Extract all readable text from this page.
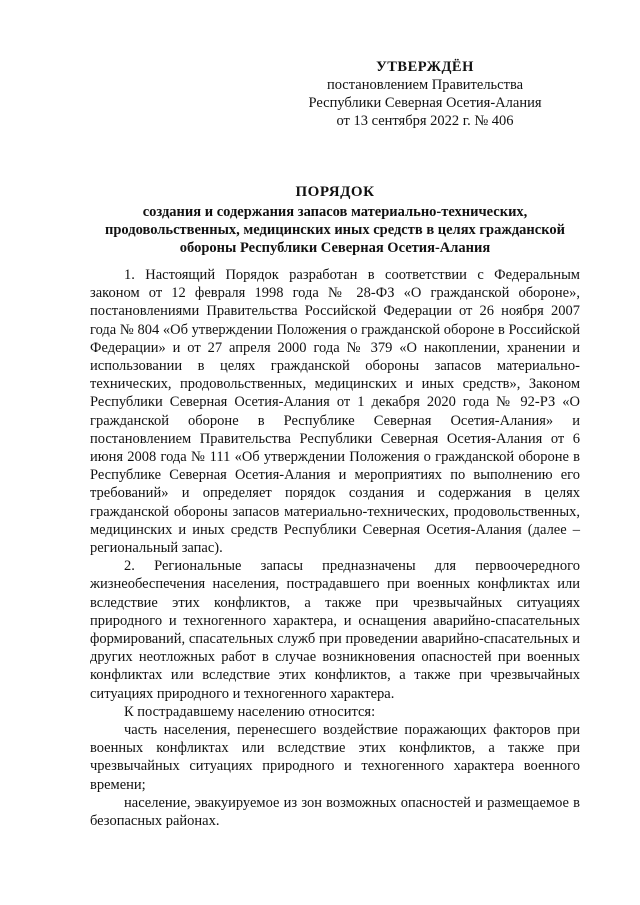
УТВЕРЖДЁН
постановлением Правительства
Республики Северная Осетия-Алания
от 13 сентября 2022 г. № 406
ПОРЯДОК
создания и содержания запасов материально-технических,
продовольственных, медицинских иных средств в целях гражданской
обороны Республики Северная Осетия-Алания

1. Настоящий Порядок разработан в соответствии с Федеральным законом от 12 февраля 1998 года № 28-ФЗ «О гражданской обороне», постановлениями Правительства Российской Федерации от 26 ноября 2007 года № 804 «Об утверждении Положения о гражданской обороне в Российской Федерации» и от 27 апреля 2000 года № 379 «О накоплении, хранении и использовании в целях гражданской обороны запасов материально-технических, продовольственных, медицинских и иных средств», Законом Республики Северная Осетия-Алания от 1 декабря 2020 года № 92-РЗ «О гражданской обороне в Республике Северная Осетия-Алания» и постановлением Правительства Республики Северная Осетия-Алания от 6 июня 2008 года № 111 «Об утверждении Положения о гражданской обороне в Республике Северная Осетия-Алания и мероприятиях по выполнению его требований» и определяет порядок создания и содержания в целях гражданской обороны запасов материально-технических, продовольственных, медицинских и иных средств Республики Северная Осетия-Алания (далее – региональный запас).

2. Региональные запасы предназначены для первоочередного жизнеобеспечения населения, пострадавшего при военных конфликтах или вследствие этих конфликтов, а также при чрезвычайных ситуациях природного и техногенного характера, и оснащения аварийно-спасательных формирований, спасательных служб при проведении аварийно-спасательных и других неотложных работ в случае возникновения опасностей при военных конфликтах или вследствие этих конфликтов, а также при чрезвычайных ситуациях природного и техногенного характера.

К пострадавшему населению относится:

часть населения, перенесшего воздействие поражающих факторов при военных конфликтах или вследствие этих конфликтов, а также при чрезвычайных ситуациях природного и техногенного характера военного времени;

население, эвакуируемое из зон возможных опасностей и размещаемое в безопасных районах.
